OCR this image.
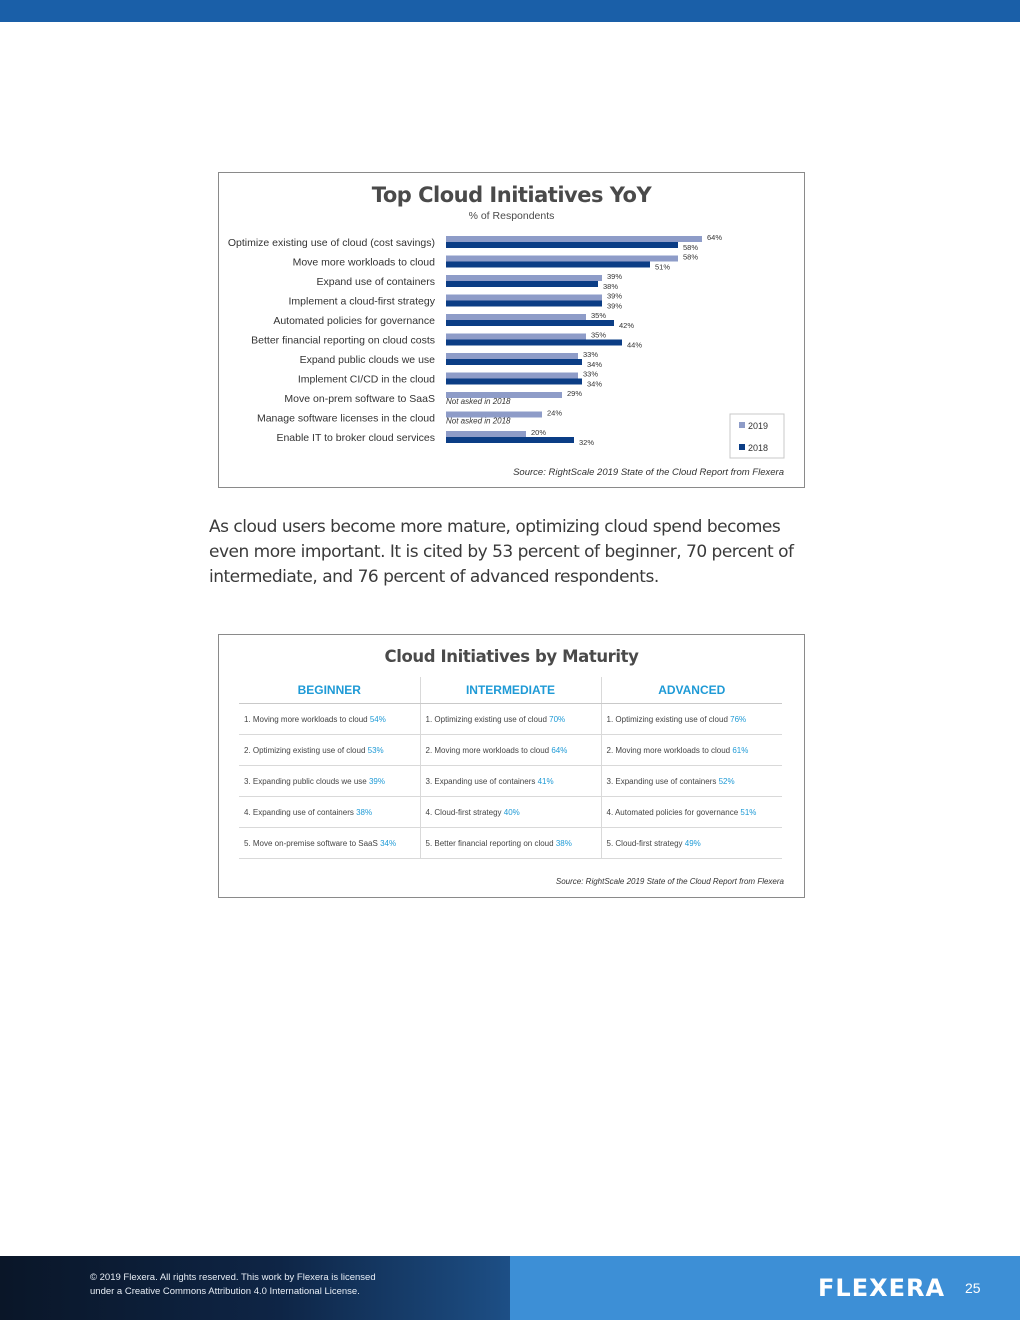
Top Cloud Initiatives YoY
% of Respondents
Optimize existing use of cloud (cost savings)	64%
58%
Move more workloads to cloud	58%
51%
Expand use of containers	39%
38%
Implement a cloud-first strategy	39%
39%
Automated policies for governance	35%
42%
Better financial reporting on cloud costs	35%
44%
Expand public clouds we use	33%
34%
Implement CI/CD in the cloud	33%
34%
Move on-prem software to SaaS	29%
Not asked in 2018
Manage software licenses in the cloud	24%
Not asked in 2018
Enable IT to broker cloud services	20%
32%
2019
2018
Source: RightScale 2019 State of the Cloud Report from Flexera
As cloud users become more mature, optimizing cloud spend becomes even more important. It is cited by 53 percent of beginner, 70 percent of intermediate, and 76 percent of advanced respondents.
Cloud Initiatives by Maturity
BEGINNER	INTERMEDIATE	ADVANCED
1. Moving more workloads to cloud 54%	1. Optimizing existing use of cloud 70%	1. Optimizing existing use of cloud 76%
2. Optimizing existing use of cloud 53%	2. Moving more workloads to cloud 64%	2. Moving more workloads to cloud 61%
3. Expanding public clouds we use 39%	3. Expanding use of containers 41%	3. Expanding use of containers 52%
4. Expanding use of containers 38%	4. Cloud-first strategy 40%	4. Automated policies for governance 51%
5. Move on-premise software to SaaS 34%	5. Better financial reporting on cloud 38%	5. Cloud-first strategy 49%
Source: RightScale 2019 State of the Cloud Report from Flexera
© 2019 Flexera. All rights reserved. This work by Flexera is licensed
under a Creative Commons Attribution 4.0 International License.	FLEXERA 25
